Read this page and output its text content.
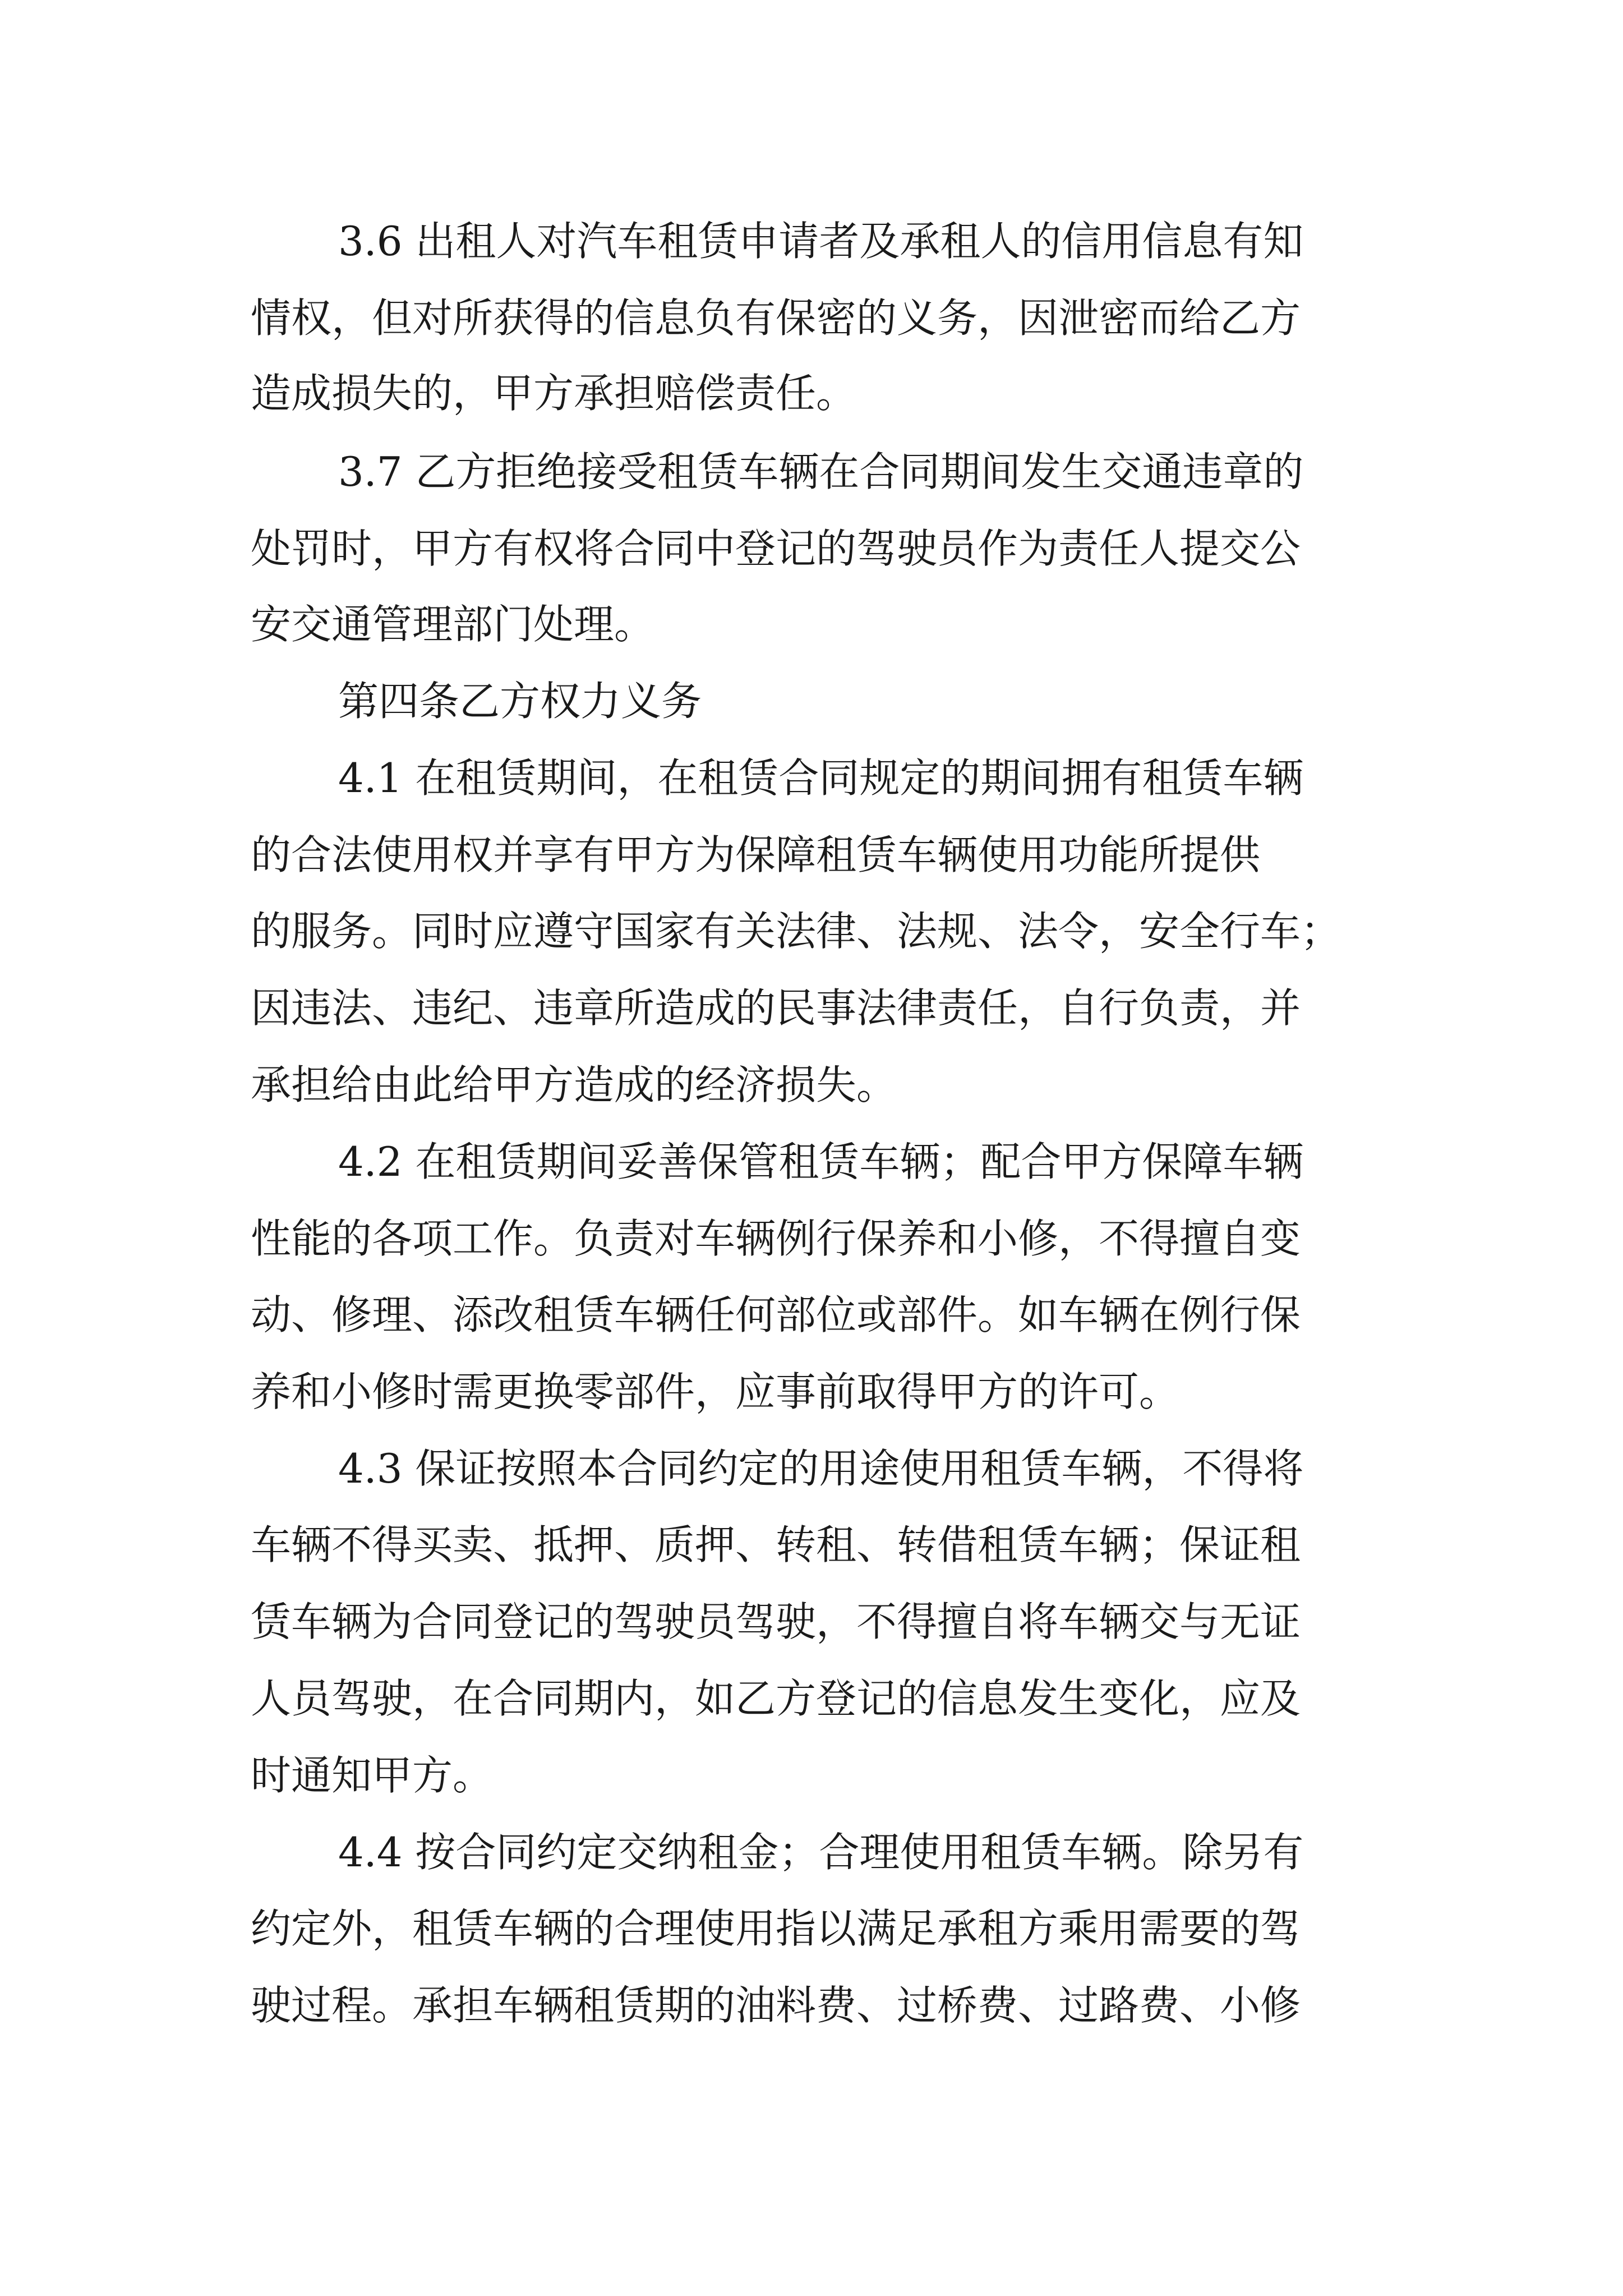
3.6 出租人对汽车租赁申请者及承租人的信用信息有知
情权，但对所获得的信息负有保密的义务，因泄密而给乙方
造成损失的，甲方承担赔偿责任。
3.7 乙方拒绝接受租赁车辆在合同期间发生交通违章的
处罚时，甲方有权将合同中登记的驾驶员作为责任人提交公
安交通管理部门处理。
第四条乙方权力义务
4.1 在租赁期间，在租赁合同规定的期间拥有租赁车辆
的合法使用权并享有甲方为保障租赁车辆使用功能所提供
的服务。同时应遵守国家有关法律、法规、法令，安全行车；
因违法、违纪、违章所造成的民事法律责任，自行负责，并
承担给由此给甲方造成的经济损失。
4.2 在租赁期间妥善保管租赁车辆；配合甲方保障车辆
性能的各项工作。负责对车辆例行保养和小修，不得擅自变
动、修理、添改租赁车辆任何部位或部件。如车辆在例行保
养和小修时需更换零部件，应事前取得甲方的许可。
4.3 保证按照本合同约定的用途使用租赁车辆，不得将
车辆不得买卖、抵押、质押、转租、转借租赁车辆；保证租
赁车辆为合同登记的驾驶员驾驶，不得擅自将车辆交与无证
人员驾驶，在合同期内，如乙方登记的信息发生变化，应及
时通知甲方。
4.4 按合同约定交纳租金；合理使用租赁车辆。除另有
约定外，租赁车辆的合理使用指以满足承租方乘用需要的驾
驶过程。承担车辆租赁期的油料费、过桥费、过路费、小修
